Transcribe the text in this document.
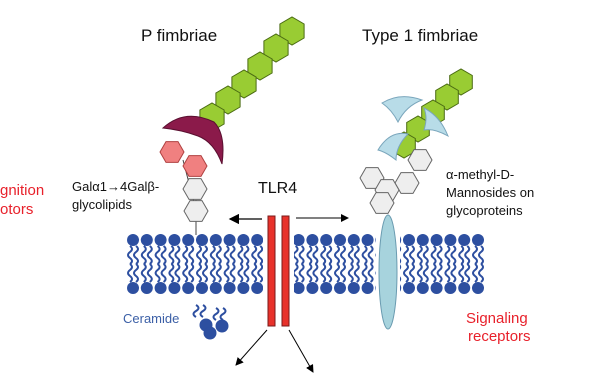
P fimbriae	Type 1 fimbriae
gnition
otors
Galα1→4Galβ-
glycolipids
TLR4
α-methyl-D-
Mannosides on
glycoproteins
Ceramide	Signaling
receptors
